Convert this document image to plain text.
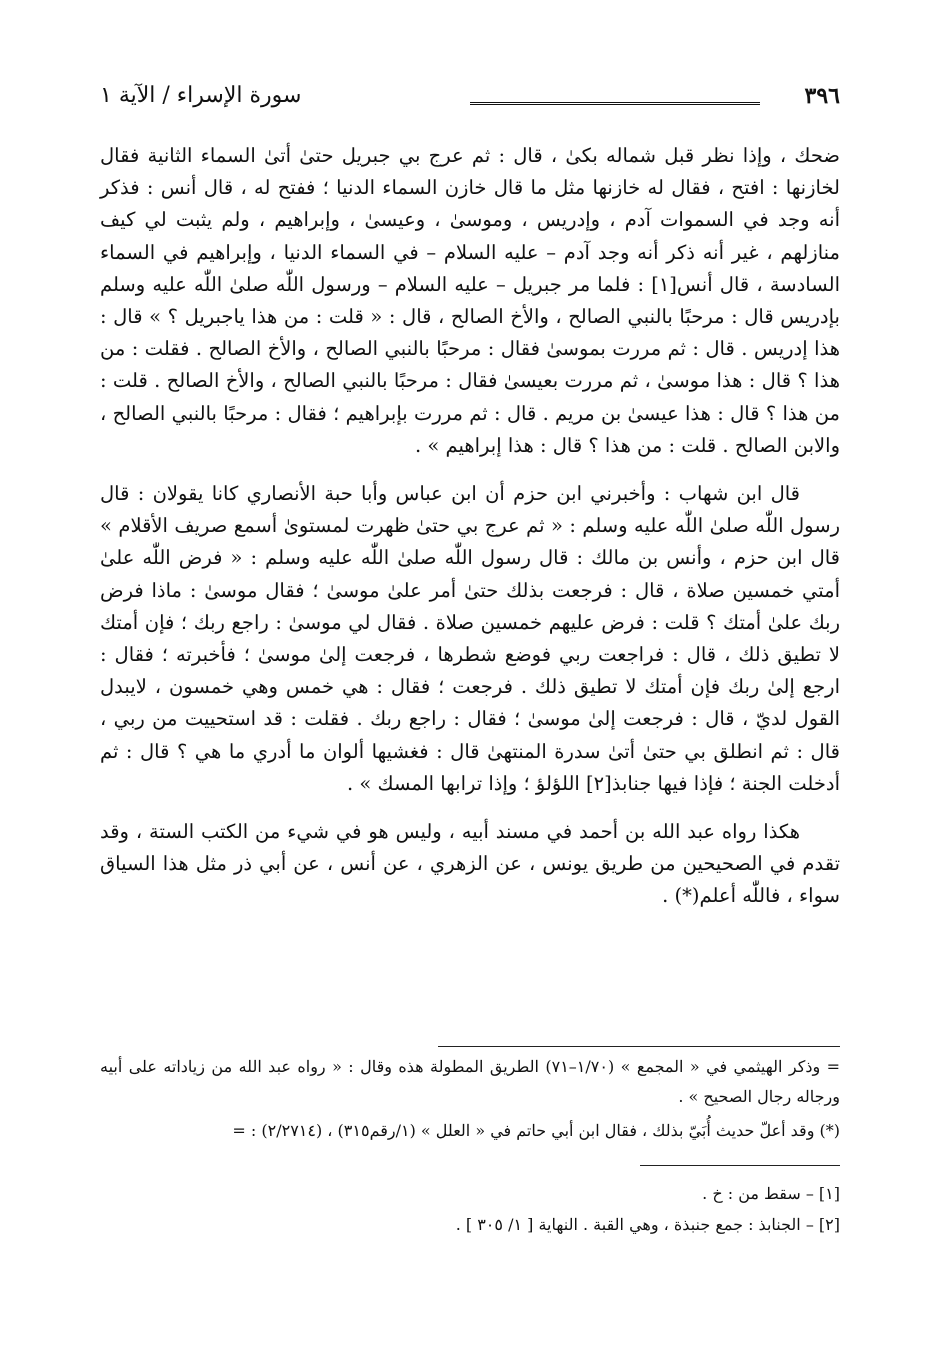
٣٩٦
سورة الإسراء / الآية ١

ضحك ، وإذا نظر قبل شماله بكىٰ ، قال : ثم عرج بي جبريل حتىٰ أتىٰ السماء الثانية فقال لخازنها : افتح ، فقال له خازنها مثل ما قال خازن السماء الدنيا ؛ ففتح له ، قال أنس : فذكر أنه وجد في السموات آدم ، وإدريس ، وموسىٰ ، وعيسىٰ ، وإبراهيم ، ولم يثبت لي كيف منازلهم ، غير أنه ذكر أنه وجد آدم – عليه السلام – في السماء الدنيا ، وإبراهيم في السماء السادسة ، قال أنس[١] : فلما مر جبريل – عليه السلام – ورسول اللّٰه صلىٰ اللّٰه عليه وسلم بإدريس قال : مرحبًا بالنبي الصالح ، والأخ الصالح ، قال : « قلت : من هذا ياجبريل ؟ » قال : هذا إدريس . قال : ثم مررت بموسىٰ فقال : مرحبًا بالنبي الصالح ، والأخ الصالح . فقلت : من هذا ؟ قال : هذا موسىٰ ، ثم مررت بعيسىٰ فقال : مرحبًا بالنبي الصالح ، والأخ الصالح . قلت : من هذا ؟ قال : هذا عيسىٰ بن مريم . قال : ثم مررت بإبراهيم ؛ فقال : مرحبًا بالنبي الصالح ، والابن الصالح . قلت : من هذا ؟ قال : هذا إبراهيم » .

قال ابن شهاب : وأخبرني ابن حزم أن ابن عباس وأبا حبة الأنصاري كانا يقولان : قال رسول اللّٰه صلىٰ اللّٰه عليه وسلم : « ثم عرج بي حتىٰ ظهرت لمستوىٰ أسمع صريف الأقلام » قال ابن حزم ، وأنس بن مالك : قال رسول اللّٰه صلىٰ اللّٰه عليه وسلم : « فرض اللّٰه علىٰ أمتي خمسين صلاة ، قال : فرجعت بذلك حتىٰ أمر علىٰ موسىٰ ؛ فقال موسىٰ : ماذا فرض ربك علىٰ أمتك ؟ قلت : فرض عليهم خمسين صلاة . فقال لي موسىٰ : راجع ربك ؛ فإن أمتك لا تطيق ذلك ، قال : فراجعت ربي فوضع شطرها ، فرجعت إلىٰ موسىٰ ؛ فأخبرته ؛ فقال : ارجع إلىٰ ربك فإن أمتك لا تطيق ذلك . فرجعت ؛ فقال : هي خمس وهي خمسون ، لايبدل القول لديّ ، قال : فرجعت إلىٰ موسىٰ ؛ فقال : راجع ربك . فقلت : قد استحييت من ربي ، قال : ثم انطلق بي حتىٰ أتىٰ سدرة المنتهىٰ قال : فغشيها ألوان ما أدري ما هي ؟ قال : ثم أدخلت الجنة ؛ فإذا فيها جنابذ[٢] اللؤلؤ ؛ وإذا ترابها المسك » .

هكذا رواه عبد الله بن أحمد في مسند أبيه ، وليس هو في شيء من الكتب الستة ، وقد تقدم في الصحيحين من طريق يونس ، عن الزهري ، عن أنس ، عن أبي ذر مثل هذا السياق سواء ، فاللّٰه أعلم(*) .

= وذكر الهيثمي في « المجمع » (١/٧٠–٧١) الطريق المطولة هذه وقال : « رواه عبد الله من زياداته على أبيه ورجاله رجال الصحيح » .

(*) وقد أعلّ حديث أُبَيّ بذلك ، فقال ابن أبي حاتم في « العلل » (١/رقم٣١٥) ، (٢/٢٧١٤) : =

[١] – سقط من : خ .

[٢] – الجنابذ : جمع جنبذة ، وهي القبة . النهاية [ ١/ ٣٠٥ ] .
